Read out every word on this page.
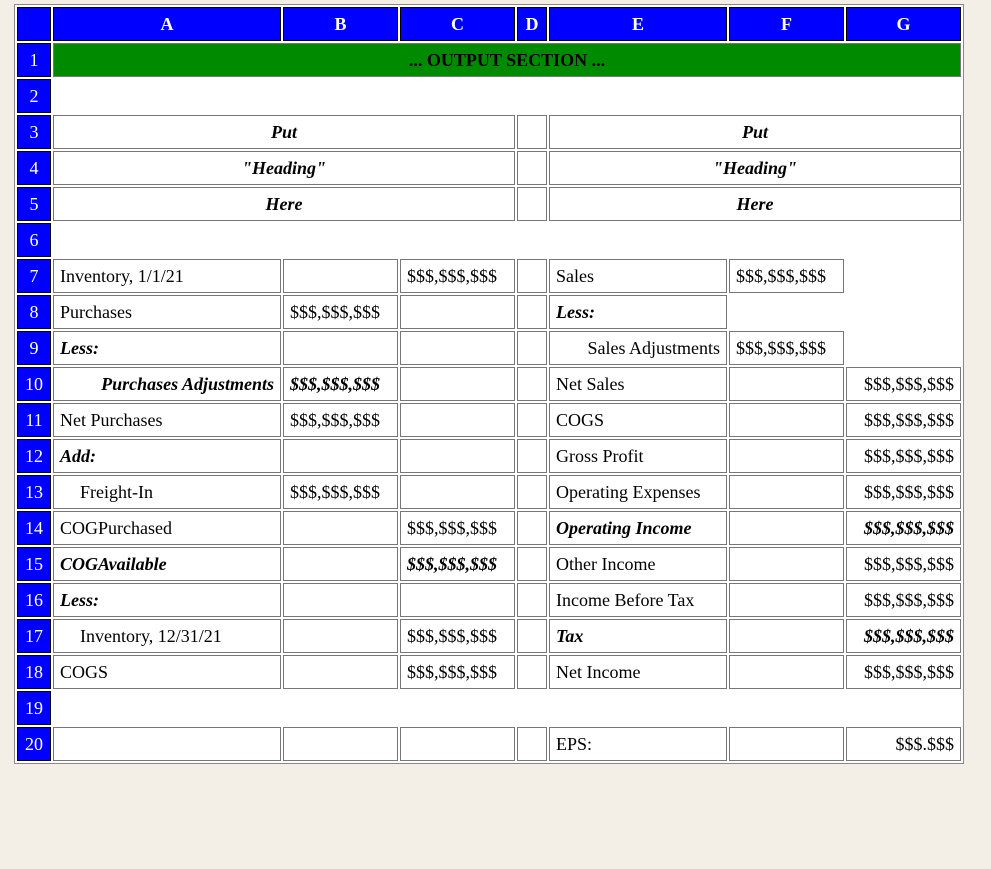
	A	B	C	D	E	F	G
1	... OUTPUT SECTION ...						
2							
3	Put				Put		
4	"Heading"				"Heading"		
5	Here				Here		
6							
7	Inventory, 1/1/21		$$$,$$$,$$$		Sales	$$$,$$$,$$$	
8	Purchases	$$$,$$$,$$$			Less:		
9	Less:				Sales Adjustments	$$$,$$$,$$$	
10	Purchases Adjustments	$$$,$$$,$$$			Net Sales		$$$,$$$,$$$
11	Net Purchases	$$$,$$$,$$$			COGS		$$$,$$$,$$$
12	Add:				Gross Profit		$$$,$$$,$$$
13	Freight-In	$$$,$$$,$$$			Operating Expenses		$$$,$$$,$$$
14	COGPurchased		$$$,$$$,$$$		Operating Income		$$$,$$$,$$$
15	COGAvailable		$$$,$$$,$$$		Other Income		$$$,$$$,$$$
16	Less:				Income Before Tax		$$$,$$$,$$$
17	Inventory, 12/31/21		$$$,$$$,$$$		Tax		$$$,$$$,$$$
18	COGS		$$$,$$$,$$$		Net Income		$$$,$$$,$$$
19							
20					EPS:		$$$.$$$
